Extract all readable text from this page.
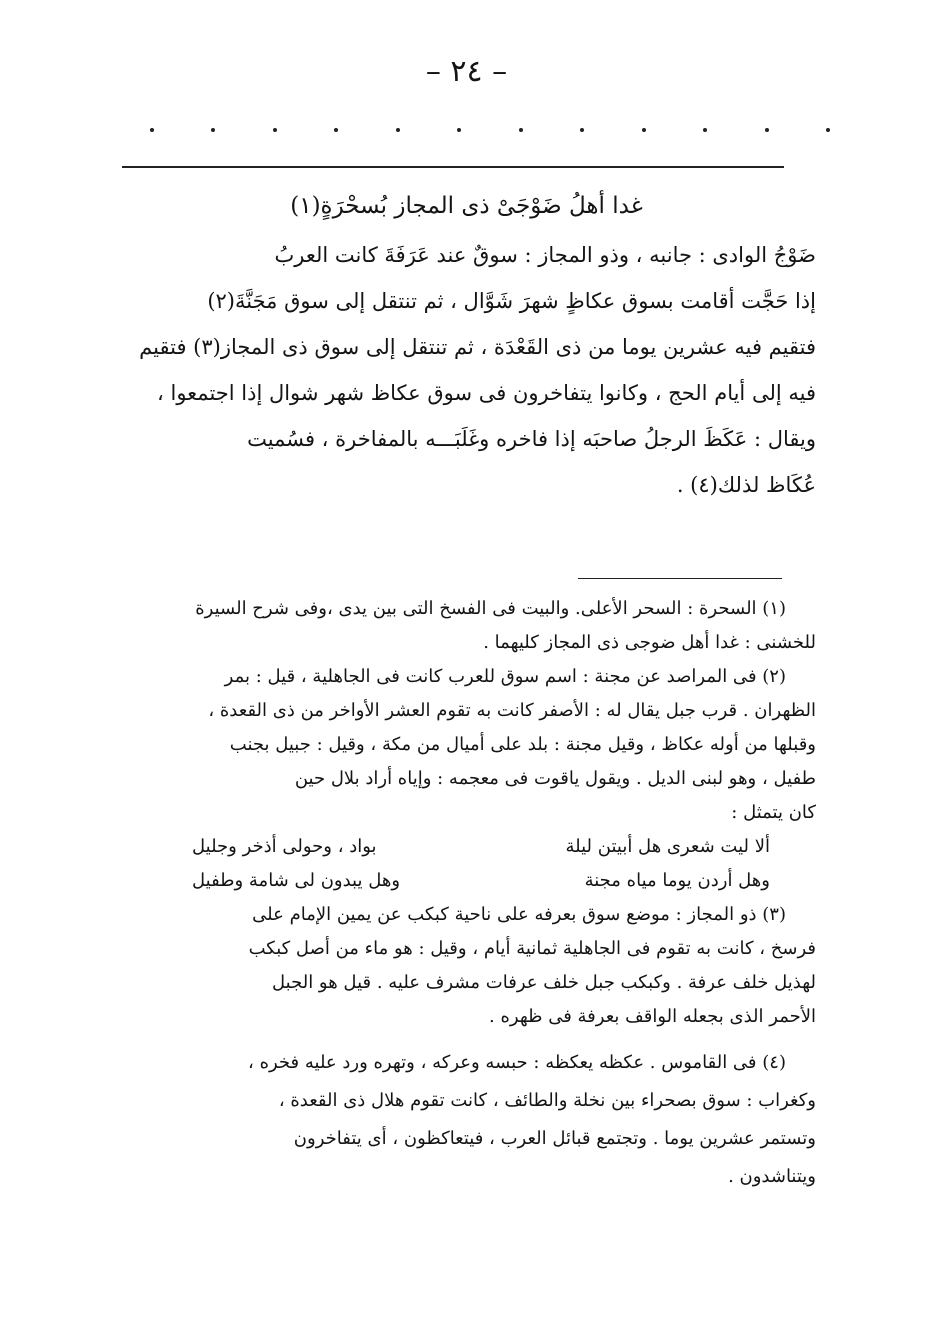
– ٢٤ –
غدا أهلُ ضَوْجَىْ ذى المجاز بُسحْرَةٍ(١)

ضَوْجُ الوادى : جانبه ، وذو المجاز : سوقٌ عند عَرَفَةَ كانت العربُ

إذا حَجَّت أقامت بسوق عكاظٍ شهرَ شَوَّال ، ثم تنتقل إلى سوق مَجَنَّةَ(٢)

فتقيم فيه عشرين يوما من ذى القَعْدَة ، ثم تنتقل إلى سوق ذى المجاز(٣) فتقيم

فيه إلى أيام الحج ، وكانوا يتفاخرون فى سوق عكاظ شهر شوال إذا اجتمعوا ،

ويقال : عَكَظَ الرجلُ صاحبَه إذا فاخره وغَلَبَـــه بالمفاخرة ، فسُميت

عُكَاظ لذلك(٤) .

(١) السحرة : السحر الأعلى. والبيت فى الفسخ التى بين يدى ،وفى شرح السيرة

للخشنى : غدا أهل ضوجى ذى المجاز كليهما .

(٢) فى المراصد عن مجنة : اسم سوق للعرب كانت فى الجاهلية ، قيل : بمر

الظهران . قرب جبل يقال له : الأصفر كانت به تقوم العشر الأواخر من ذى القعدة ،

وقبلها من أوله عكاظ ، وقيل مجنة : بلد على أميال من مكة ، وقيل : جبيل بجنب

طفيل ، وهو لبنى الديل . ويقول ياقوت فى معجمه : وإياه أراد بلال حين

كان يتمثل :

ألا ليت شعرى هل أبيتن ليلة
بواد ، وحولى أذخر وجليل
وهل أردن يوما مياه مجنة
وهل يبدون لى شامة وطفيل

(٣) ذو المجاز : موضع سوق بعرفه على ناحية كبكب عن يمين الإمام على

فرسخ ، كانت به تقوم فى الجاهلية ثمانية أيام ، وقيل : هو ماء من أصل كبكب

لهذيل خلف عرفة . وكبكب جبل خلف عرفات مشرف عليه . قيل هو الجبل

الأحمر الذى بجعله الواقف بعرفة فى ظهره .

(٤) فى القاموس . عكظه يعكظه : حبسه وعركه ، وتهره ورد عليه فخره ،

وكغراب : سوق بصحراء بين نخلة والطائف ، كانت تقوم هلال ذى القعدة ،

وتستمر عشرين يوما . وتجتمع قبائل العرب ، فيتعاكظون ، أى يتفاخرون

ويتناشدون .
